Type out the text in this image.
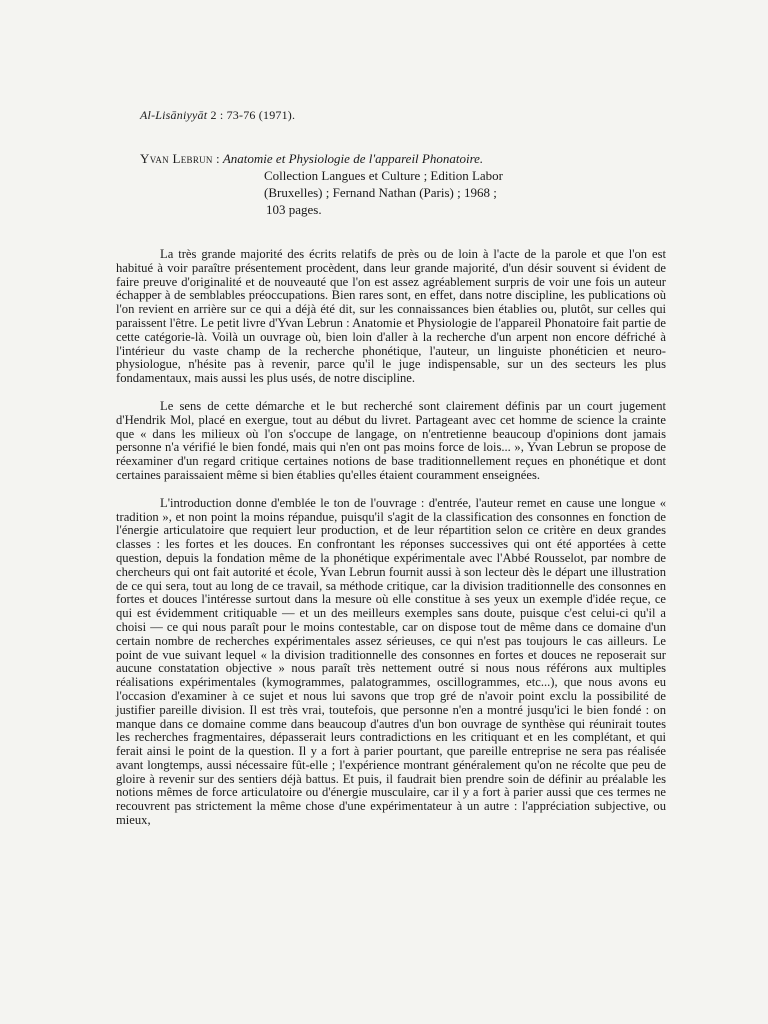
Al-Lisāniyyāt 2 : 73-76 (1971).
Yvan Lebrun : Anatomie et Physiologie de l'appareil Phonatoire.
Collection Langues et Culture ; Edition Labor
(Bruxelles) ; Fernand Nathan (Paris) ; 1968 ;
103 pages.

La très grande majorité des écrits relatifs de près ou de loin à l'acte de la parole et que l'on est habitué à voir paraître présentement procèdent, dans leur grande majorité, d'un désir souvent si évident de faire preuve d'originalité et de nouveauté que l'on est assez agréablement surpris de voir une fois un auteur échapper à de semblables préoccupations. Bien rares sont, en effet, dans notre discipline, les publications où l'on revient en arrière sur ce qui a déjà été dit, sur les connaissances bien établies ou, plutôt, sur celles qui paraissent l'être. Le petit livre d'Yvan Lebrun : Anatomie et Physiologie de l'appareil Phonatoire fait partie de cette catégorie-là. Voilà un ouvrage où, bien loin d'aller à la recherche d'un arpent non encore défriché à l'intérieur du vaste champ de la recherche phonétique, l'auteur, un linguiste phonéticien et neuro-physiologue, n'hésite pas à revenir, parce qu'il le juge indispensable, sur un des secteurs les plus fondamentaux, mais aussi les plus usés, de notre discipline.

Le sens de cette démarche et le but recherché sont clairement définis par un court jugement d'Hendrik Mol, placé en exergue, tout au début du livret. Partageant avec cet homme de science la crainte que « dans les milieux où l'on s'occupe de langage, on n'entretienne beaucoup d'opinions dont jamais personne n'a vérifié le bien fondé, mais qui n'en ont pas moins force de lois... », Yvan Lebrun se propose de réexaminer d'un regard critique certaines notions de base traditionnellement reçues en phonétique et dont certaines paraissaient même si bien établies qu'elles étaient couramment enseignées.

L'introduction donne d'emblée le ton de l'ouvrage : d'entrée, l'auteur remet en cause une longue « tradition », et non point la moins répandue, puisqu'il s'agit de la classification des consonnes en fonction de l'énergie articulatoire que requiert leur production, et de leur répartition selon ce critère en deux grandes classes : les fortes et les douces. En confrontant les réponses successives qui ont été apportées à cette question, depuis la fondation même de la phonétique expérimentale avec l'Abbé Rousselot, par nombre de chercheurs qui ont fait autorité et école, Yvan Lebrun fournit aussi à son lecteur dès le départ une illustration de ce qui sera, tout au long de ce travail, sa méthode critique, car la division traditionnelle des consonnes en fortes et douces l'intéresse surtout dans la mesure où elle constitue à ses yeux un exemple d'idée reçue, ce qui est évidemment critiquable — et un des meilleurs exemples sans doute, puisque c'est celui-ci qu'il a choisi — ce qui nous paraît pour le moins contestable, car on dispose tout de même dans ce domaine d'un certain nombre de recherches expérimentales assez sérieuses, ce qui n'est pas toujours le cas ailleurs. Le point de vue suivant lequel « la division traditionnelle des consonnes en fortes et douces ne reposerait sur aucune constatation objective » nous paraît très nettement outré si nous nous référons aux multiples réalisations expérimentales (kymogrammes, palatogrammes, oscillogrammes, etc...), que nous avons eu l'occasion d'examiner à ce sujet et nous lui savons que trop gré de n'avoir point exclu la possibilité de justifier pareille division. Il est très vrai, toutefois, que personne n'en a montré jusqu'ici le bien fondé : on manque dans ce domaine comme dans beaucoup d'autres d'un bon ouvrage de synthèse qui réunirait toutes les recherches fragmentaires, dépasserait leurs contradictions en les critiquant et en les complétant, et qui ferait ainsi le point de la question. Il y a fort à parier pourtant, que pareille entreprise ne sera pas réalisée avant longtemps, aussi nécessaire fût-elle ; l'expérience montrant généralement qu'on ne récolte que peu de gloire à revenir sur des sentiers déjà battus. Et puis, il faudrait bien prendre soin de définir au préalable les notions mêmes de force articulatoire ou d'énergie musculaire, car il y a fort à parier aussi que ces termes ne recouvrent pas strictement la même chose d'une expérimentateur à un autre : l'appréciation subjective, ou mieux,
